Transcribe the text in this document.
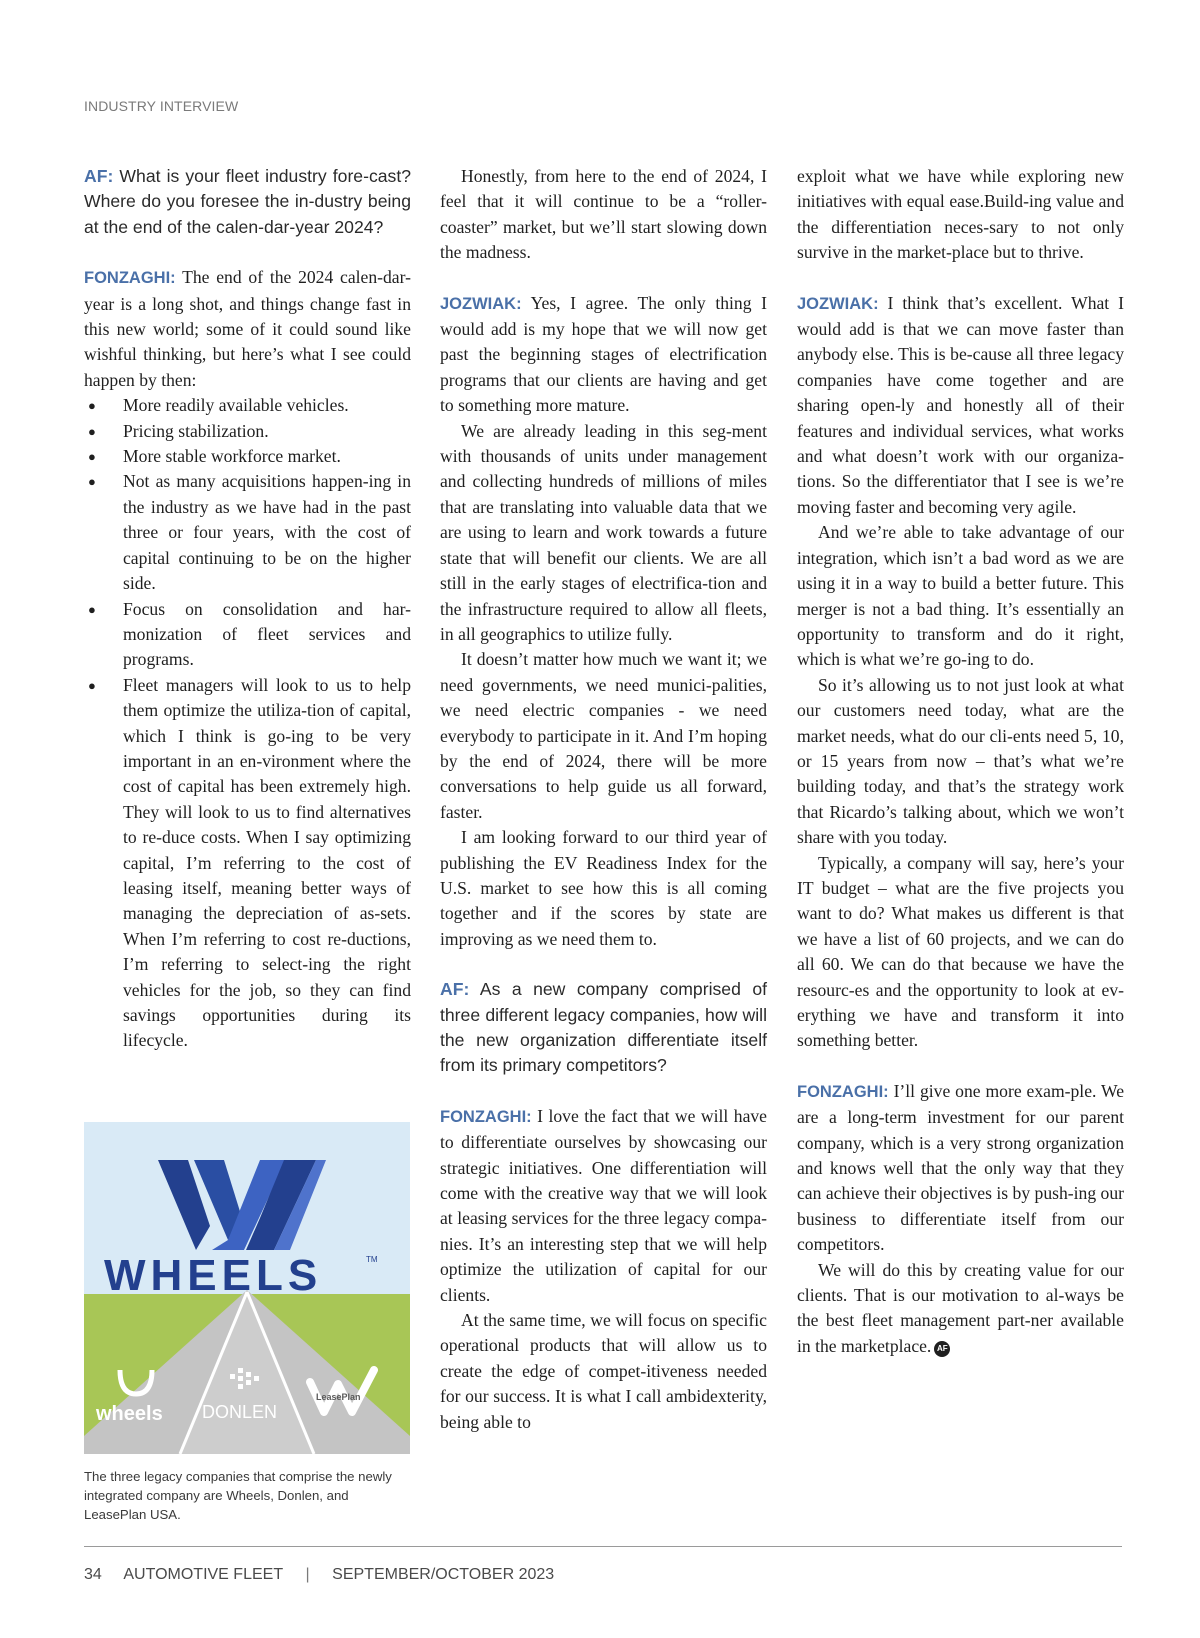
INDUSTRY INTERVIEW

AF: What is your fleet industry fore-cast? Where do you foresee the in-dustry being at the end of the calen-dar-year 2024?

FONZAGHI: The end of the 2024 calen-dar-year is a long shot, and things change fast in this new world; some of it could sound like wishful thinking, but here’s what I see could happen by then:

● More readily available vehicles.
● Pricing stabilization.
● More stable workforce market.
● Not as many acquisitions happen-ing in the industry as we have had in the past three or four years, with the cost of capital continuing to be on the higher side.
● Focus on consolidation and har-monization of fleet services and programs.
● Fleet managers will look to us to help them optimize the utiliza-tion of capital, which I think is go-ing to be very important in an en-vironment where the cost of capital has been extremely high. They will look to us to find alternatives to re-duce costs. When I say optimizing capital, I’m referring to the cost of leasing itself, meaning better ways of managing the depreciation of as-sets. When I’m referring to cost re-ductions, I’m referring to select-ing the right vehicles for the job, so they can find savings opportunities during its lifecycle.
WHEELS	TM
wheels DONLEN
LeasePlan
The three legacy companies that comprise the newly integrated company are Wheels, Donlen, and LeasePlan USA.

Honestly, from here to the end of 2024, I feel that it will continue to be a “roller-coaster” market, but we’ll start slowing down the madness.

JOZWIAK: Yes, I agree. The only thing I would add is my hope that we will now get past the beginning stages of electrification programs that our clients are having and get to something more mature.

We are already leading in this seg-ment with thousands of units under management and collecting hundreds of millions of miles that are translating into valuable data that we are using to learn and work towards a future state that will benefit our clients. We are all still in the early stages of electrifica-tion and the infrastructure required to allow all fleets, in all geographics to utilize fully.

It doesn’t matter how much we want it; we need governments, we need munici-palities, we need electric companies - we need everybody to participate in it. And I’m hoping by the end of 2024, there will be more conversations to help guide us all forward, faster.

I am looking forward to our third year of publishing the EV Readiness Index for the U.S. market to see how this is all coming together and if the scores by state are improving as we need them to.

AF: As a new company comprised of three different legacy companies, how will the new organization differentiate itself from its primary competitors?

FONZAGHI: I love the fact that we will have to differentiate ourselves by showcasing our strategic initiatives. One differentiation will come with the creative way that we will look at leasing services for the three legacy compa-nies. It’s an interesting step that we will help optimize the utilization of capital for our clients.

At the same time, we will focus on specific operational products that will allow us to create the edge of compet-itiveness needed for our success. It is what I call ambidexterity, being able to

exploit what we have while exploring new initiatives with equal ease.Build-ing value and the differentiation neces-sary to not only survive in the market-place but to thrive.

JOZWIAK: I think that’s excellent. What I would add is that we can move faster than anybody else. This is be-cause all three legacy companies have come together and are sharing open-ly and honestly all of their features and individual services, what works and what doesn’t work with our organiza-tions. So the differentiator that I see is we’re moving faster and becoming very agile.

And we’re able to take advantage of our integration, which isn’t a bad word as we are using it in a way to build a better future. This merger is not a bad thing. It’s essentially an opportunity to transform and do it right, which is what we’re go-ing to do.

So it’s allowing us to not just look at what our customers need today, what are the market needs, what do our cli-ents need 5, 10, or 15 years from now – that’s what we’re building today, and that’s the strategy work that Ricardo’s talking about, which we won’t share with you today.

Typically, a company will say, here’s your IT budget – what are the five projects you want to do? What makes us different is that we have a list of 60 projects, and we can do all 60. We can do that because we have the resourc-es and the opportunity to look at ev-erything we have and transform it into something better.

FONZAGHI: I’ll give one more exam-ple. We are a long-term investment for our parent company, which is a very strong organization and knows well that the only way that they can achieve their objectives is by push-ing our business to differentiate itself from our competitors.

We will do this by creating value for our clients. That is our motivation to al-ways be the best fleet management part-ner available in the marketplace. AF

34 AUTOMOTIVE FLEET | SEPTEMBER/OCTOBER 2023
